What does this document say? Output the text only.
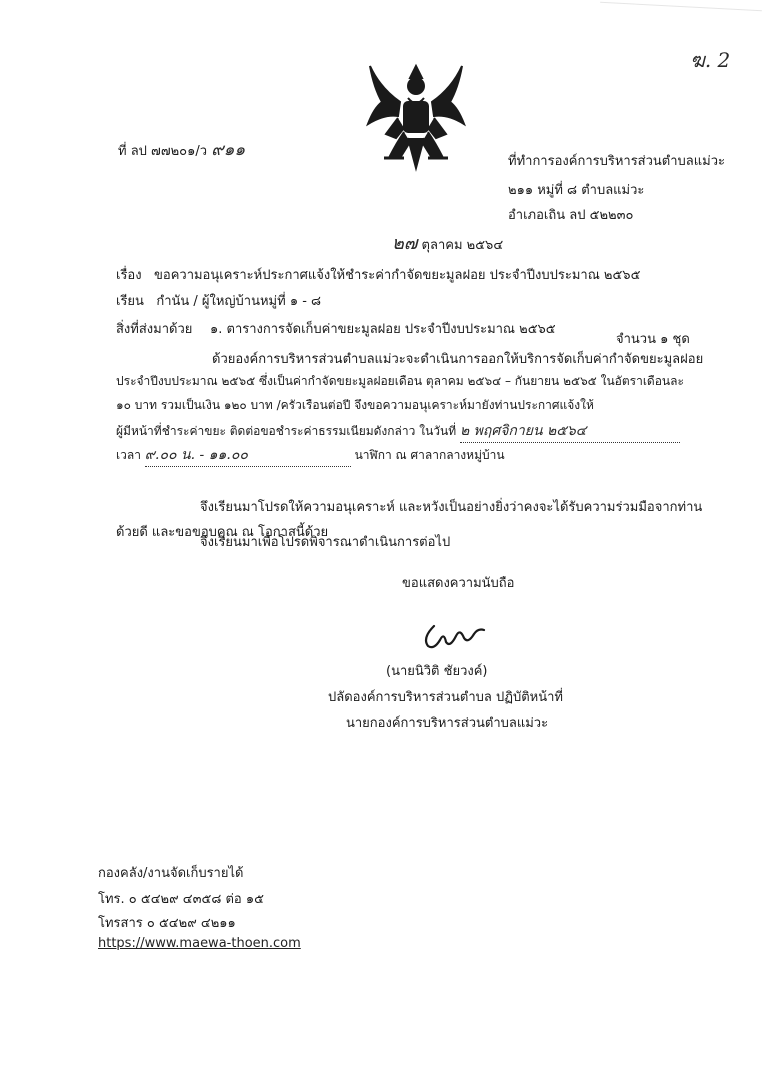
ฆ. 2
ที่ ลป ๗๗๒๐๑/ว ๙๑๑
ที่ทำการองค์การบริหารส่วนตำบลแม่วะ
๒๑๑ หมู่ที่ ๘ ตำบลแม่วะ
อำเภอเถิน ลป ๕๒๒๓๐
๒๗ ตุลาคม ๒๕๖๔
เรื่อง ขอความอนุเคราะห์ประกาศแจ้งให้ชำระค่ากำจัดขยะมูลฝอย ประจำปีงบประมาณ ๒๕๖๕
เรียน กำนัน / ผู้ใหญ่บ้านหมู่ที่ ๑ - ๘
สิ่งที่ส่งมาด้วย ๑. ตารางการจัดเก็บค่าขยะมูลฝอย ประจำปีงบประมาณ ๒๕๖๕
จำนวน ๑ ชุด
ด้วยองค์การบริหารส่วนตำบลแม่วะจะดำเนินการออกให้บริการจัดเก็บค่ากำจัดขยะมูลฝอย
ประจำปีงบประมาณ ๒๕๖๕ ซึ่งเป็นค่ากำจัดขยะมูลฝอยเดือน ตุลาคม ๒๕๖๔ – กันยายน ๒๕๖๕ ในอัตราเดือนละ
๑๐ บาท รวมเป็นเงิน ๑๒๐ บาท /ครัวเรือนต่อปี จึงขอความอนุเคราะห์มายังท่านประกาศแจ้งให้
ผู้มีหน้าที่ชำระค่าขยะ ติดต่อขอชำระค่าธรรมเนียมดังกล่าว ในวันที่ ๒ พฤศจิกายน ๒๕๖๔
เวลา ๙.๐๐ น. - ๑๑.๐๐	นาฬิกา ณ ศาลากลางหมู่บ้าน
จึงเรียนมาโปรดให้ความอนุเคราะห์ และหวังเป็นอย่างยิ่งว่าคงจะได้รับความร่วมมือจากท่าน
ด้วยดี และขอขอบคุณ ณ โอกาสนี้ด้วย
จึงเรียนมาเพื่อโปรดพิจารณาดำเนินการต่อไป
ขอแสดงความนับถือ
(นายนิวิติ ชัยวงค์)
ปลัดองค์การบริหารส่วนตำบล ปฏิบัติหน้าที่
นายกองค์การบริหารส่วนตำบลแม่วะ
กองคลัง/งานจัดเก็บรายได้
โทร. ๐ ๕๔๒๙ ๔๓๕๘ ต่อ ๑๕
โทรสาร ๐ ๕๔๒๙ ๔๒๑๑
https://www.maewa-thoen.com
